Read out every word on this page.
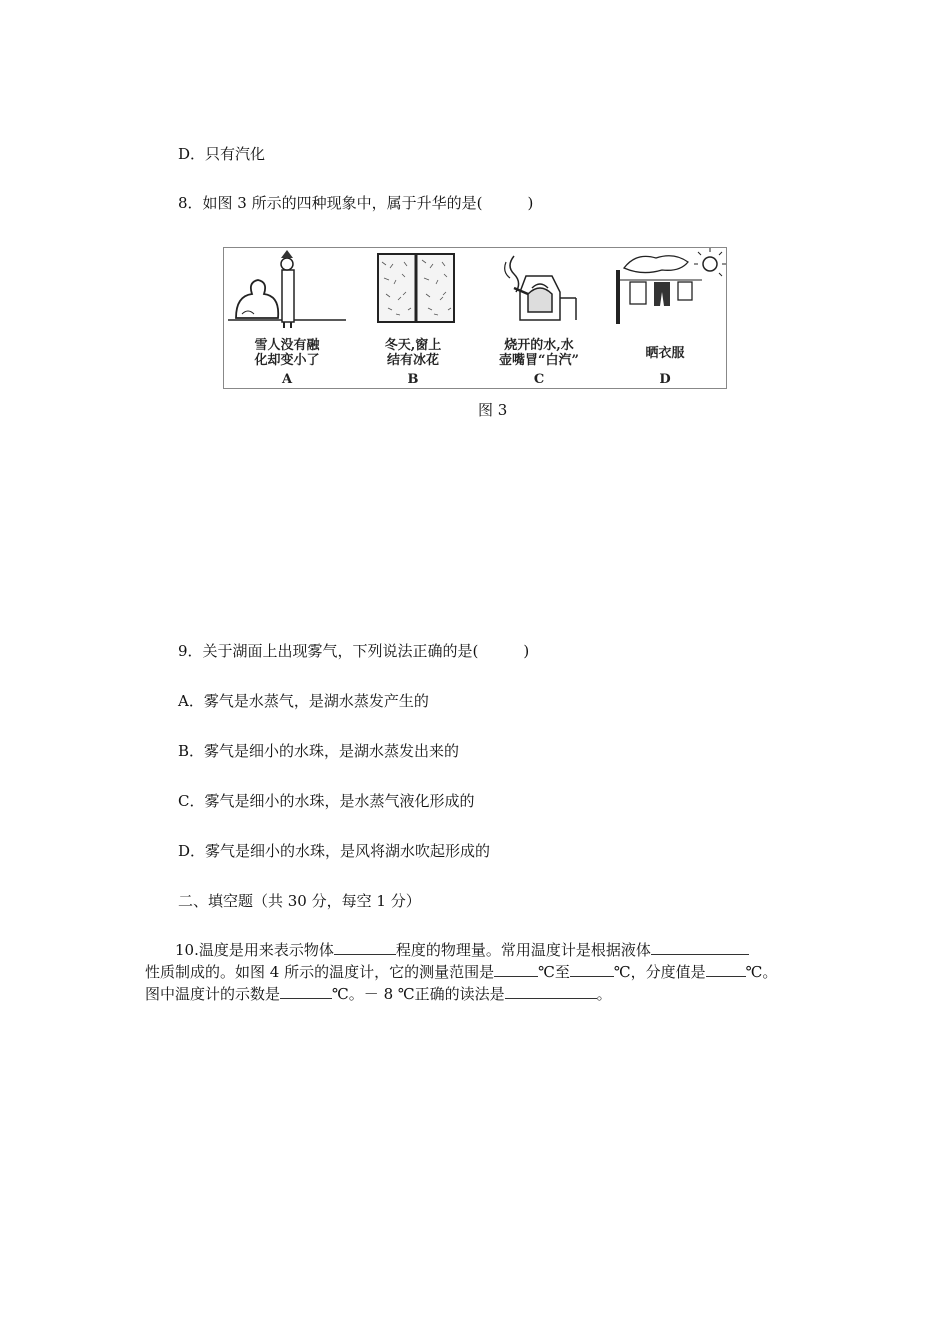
D．只有汽化
8．如图 3 所示的四种现象中，属于升华的是(　　　)
雪人没有融
化却变小了
A
冬天,窗上
结有冰花
B
烧开的水,水
壶嘴冒“白汽”
C
晒衣服
D
图 3
9．关于湖面上出现雾气，下列说法正确的是(　　　)
A．雾气是水蒸气，是湖水蒸发产生的
B．雾气是细小的水珠，是湖水蒸发出来的
C．雾气是细小的水珠，是水蒸气液化形成的
D．雾气是细小的水珠，是风将湖水吹起形成的
二、填空题（共 30 分，每空 1 分）
10.温度是用来表示物体	程度的物理量。常用温度计是根据液体
性质制成的。如图 4 所示的温度计，它的测量范围是	℃至	℃，分度值是	℃。
图中温度计的示数是	℃。－ 8 ℃正确的读法是	。
